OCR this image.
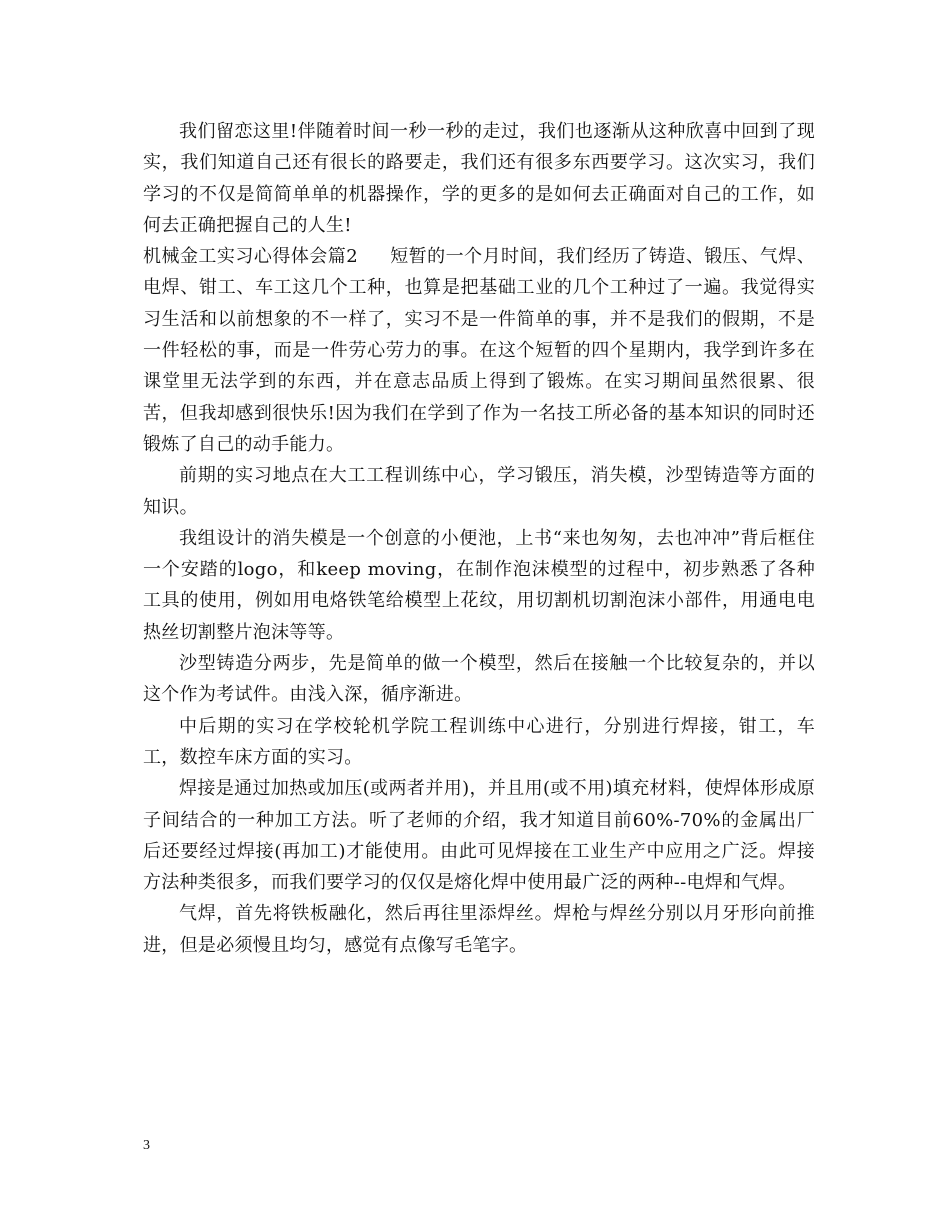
我们留恋这里!伴随着时间一秒一秒的走过，我们也逐渐从这种欣喜中回到了现实，我们知道自己还有很长的路要走，我们还有很多东西要学习。这次实习，我们学习的不仅是简简单单的机器操作，学的更多的是如何去正确面对自己的工作，如何去正确把握自己的人生!

机械金工实习心得体会篇2 短暂的一个月时间，我们经历了铸造、锻压、气焊、电焊、钳工、车工这几个工种，也算是把基础工业的几个工种过了一遍。我觉得实习生活和以前想象的不一样了，实习不是一件简单的事，并不是我们的假期，不是一件轻松的事，而是一件劳心劳力的事。在这个短暂的四个星期内，我学到许多在课堂里无法学到的东西，并在意志品质上得到了锻炼。在实习期间虽然很累、很苦，但我却感到很快乐!因为我们在学到了作为一名技工所必备的基本知识的同时还锻炼了自己的动手能力。

前期的实习地点在大工工程训练中心，学习锻压，消失模，沙型铸造等方面的知识。

我组设计的消失模是一个创意的小便池，上书“来也匆匆，去也冲冲”背后框住一个安踏的logo，和keep moving，在制作泡沫模型的过程中，初步熟悉了各种工具的使用，例如用电烙铁笔给模型上花纹，用切割机切割泡沫小部件，用通电电热丝切割整片泡沫等等。

沙型铸造分两步，先是简单的做一个模型，然后在接触一个比较复杂的，并以这个作为考试件。由浅入深，循序渐进。

中后期的实习在学校轮机学院工程训练中心进行，分别进行焊接，钳工，车工，数控车床方面的实习。

焊接是通过加热或加压(或两者并用)，并且用(或不用)填充材料，使焊体形成原子间结合的一种加工方法。听了老师的介绍，我才知道目前60%-70%的金属出厂后还要经过焊接(再加工)才能使用。由此可见焊接在工业生产中应用之广泛。焊接方法种类很多，而我们要学习的仅仅是熔化焊中使用最广泛的两种--电焊和气焊。

气焊，首先将铁板融化，然后再往里添焊丝。焊枪与焊丝分别以月牙形向前推进，但是必须慢且均匀，感觉有点像写毛笔字。

3
